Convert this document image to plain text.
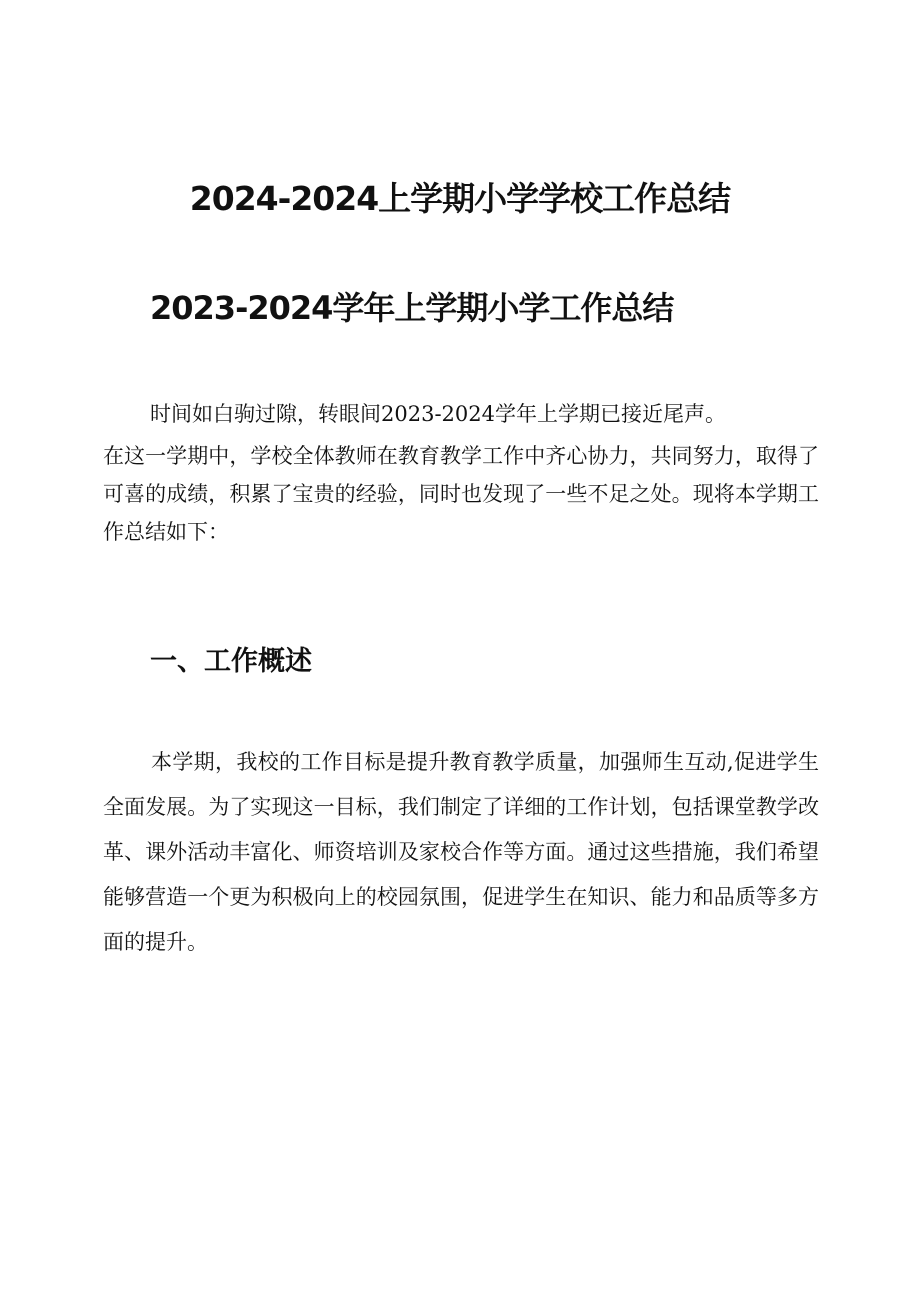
2024-2024上学期小学学校工作总结
2023-2024学年上学期小学工作总结

时间如白驹过隙，转眼间2023-2024学年上学期已接近尾声。

在这一学期中，学校全体教师在教育教学工作中齐心协力，共同努力，取得了可喜的成绩，积累了宝贵的经验，同时也发现了一些不足之处。现将本学期工作总结如下：

一、工作概述

本学期，我校的工作目标是提升教育教学质量，加强师生互动,促进学生全面发展。为了实现这一目标，我们制定了详细的工作计划，包括课堂教学改革、课外活动丰富化、师资培训及家校合作等方面。通过这些措施，我们希望能够营造一个更为积极向上的校园氛围，促进学生在知识、能力和品质等多方面的提升。
